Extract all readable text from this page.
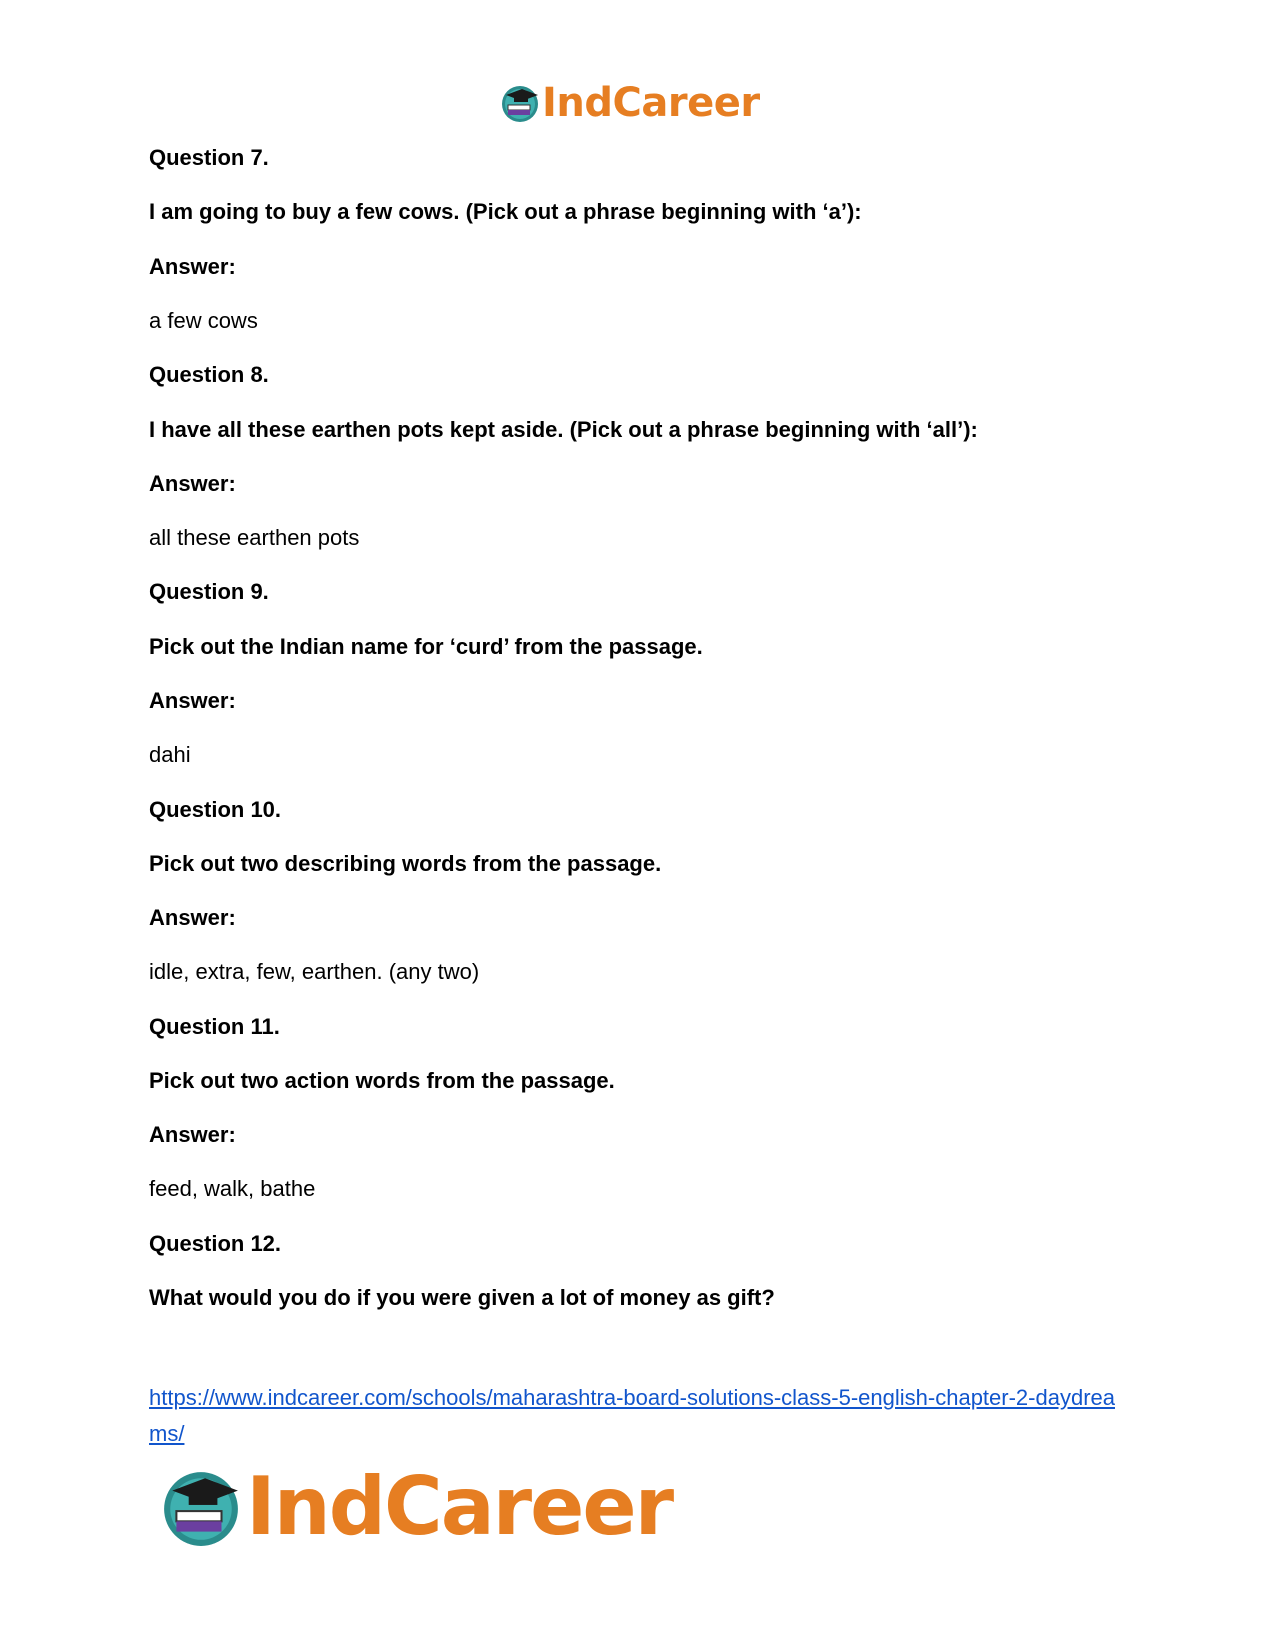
IndCareer
Question 7.
I am going to buy a few cows. (Pick out a phrase beginning with ‘a’):
Answer:
a few cows
Question 8.
I have all these earthen pots kept aside. (Pick out a phrase beginning with ‘all’):
Answer:
all these earthen pots
Question 9.
Pick out the Indian name for ‘curd’ from the passage.
Answer:
dahi
Question 10.
Pick out two describing words from the passage.
Answer:
idle, extra, few, earthen. (any two)
Question 11.
Pick out two action words from the passage.
Answer:
feed, walk, bathe
Question 12.
What would you do if you were given a lot of money as gift?
https://www.indcareer.com/schools/maharashtra-board-solutions-class-5-english-chapter-2-daydreams/
IndCareer
